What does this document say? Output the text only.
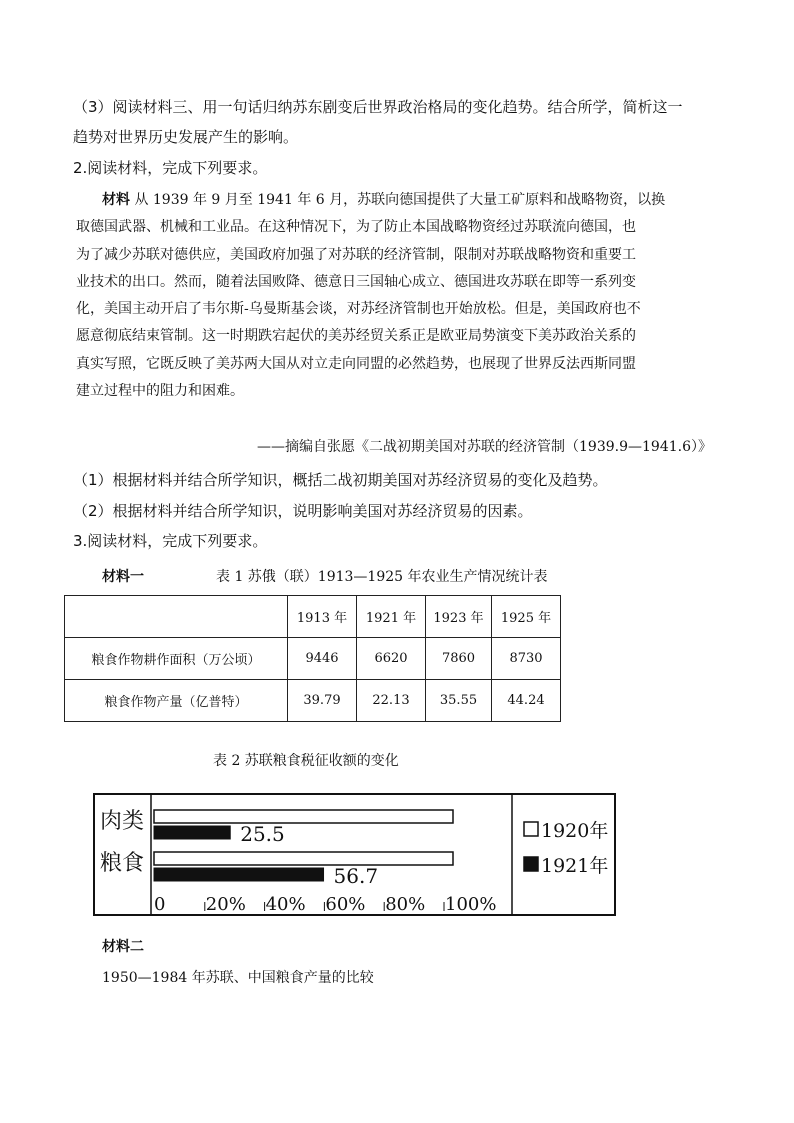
（3）阅读材料三、用一句话归纳苏东剧变后世界政治格局的变化趋势。结合所学，简析这一
趋势对世界历史发展产生的影响。
2.阅读材料，完成下列要求。
材料 从 1939 年 9 月至 1941 年 6 月，苏联向德国提供了大量工矿原料和战略物资，以换
取德国武器、机械和工业品。在这种情况下，为了防止本国战略物资经过苏联流向德国，也
为了减少苏联对德供应，美国政府加强了对苏联的经济管制，限制对苏联战略物资和重要工
业技术的出口。然而，随着法国败降、德意日三国轴心成立、德国进攻苏联在即等一系列变
化，美国主动开启了韦尔斯-乌曼斯基会谈，对苏经济管制也开始放松。但是，美国政府也不
愿意彻底结束管制。这一时期跌宕起伏的美苏经贸关系正是欧亚局势演变下美苏政治关系的
真实写照，它既反映了美苏两大国从对立走向同盟的必然趋势，也展现了世界反法西斯同盟
建立过程中的阻力和困难。
——摘编自张愿《二战初期美国对苏联的经济管制（1939.9—1941.6）》
（1）根据材料并结合所学知识，概括二战初期美国对苏经济贸易的变化及趋势。
（2）根据材料并结合所学知识，说明影响美国对苏经济贸易的因素。
3.阅读材料，完成下列要求。
材料一	表 1 苏俄（联）1913—1925 年农业生产情况统计表
	1913 年	1921 年	1923 年	1925 年
粮食作物耕作面积（万公顷）	9446	6620	7860	8730
粮食作物产量（亿普特）	39.79	22.13	35.55	44.24
表 2 苏联粮食税征收额的变化
肉类
粮食
25.5
56.7
0 20% 40% 60% 80% 100%
1920年
1921年
材料二
1950—1984 年苏联、中国粮食产量的比较
